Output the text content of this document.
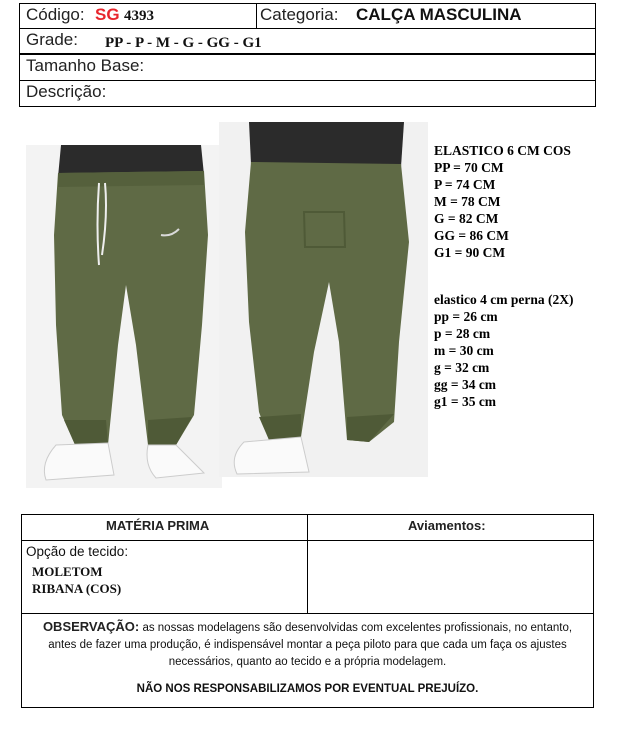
Código: SG 4393	Categoria: CALÇA MASCULINA
Grade: PP - P - M - G - GG - G1
Tamanho Base:
Descrição:
ELASTICO 6 CM COS
PP = 70 CM
P = 74 CM
M = 78 CM
G = 82 CM
GG = 86 CM
G1 = 90 CM
elastico 4 cm perna (2X)
pp = 26 cm
p = 28 cm
m = 30 cm
g = 32 cm
gg = 34 cm
g1 = 35 cm
MATÉRIA PRIMA	Aviamentos:
Opção de tecido:
MOLETOM
RIBANA (COS)
OBSERVAÇÃO: as nossas modelagens são desenvolvidas com excelentes profissionais, no entanto, antes de fazer uma produção, é indispensável montar a peça piloto para que cada um faça os ajustes necessários, quanto ao tecido e a própria modelagem.
NÃO NOS RESPONSABILIZAMOS POR EVENTUAL PREJUÍZO.
